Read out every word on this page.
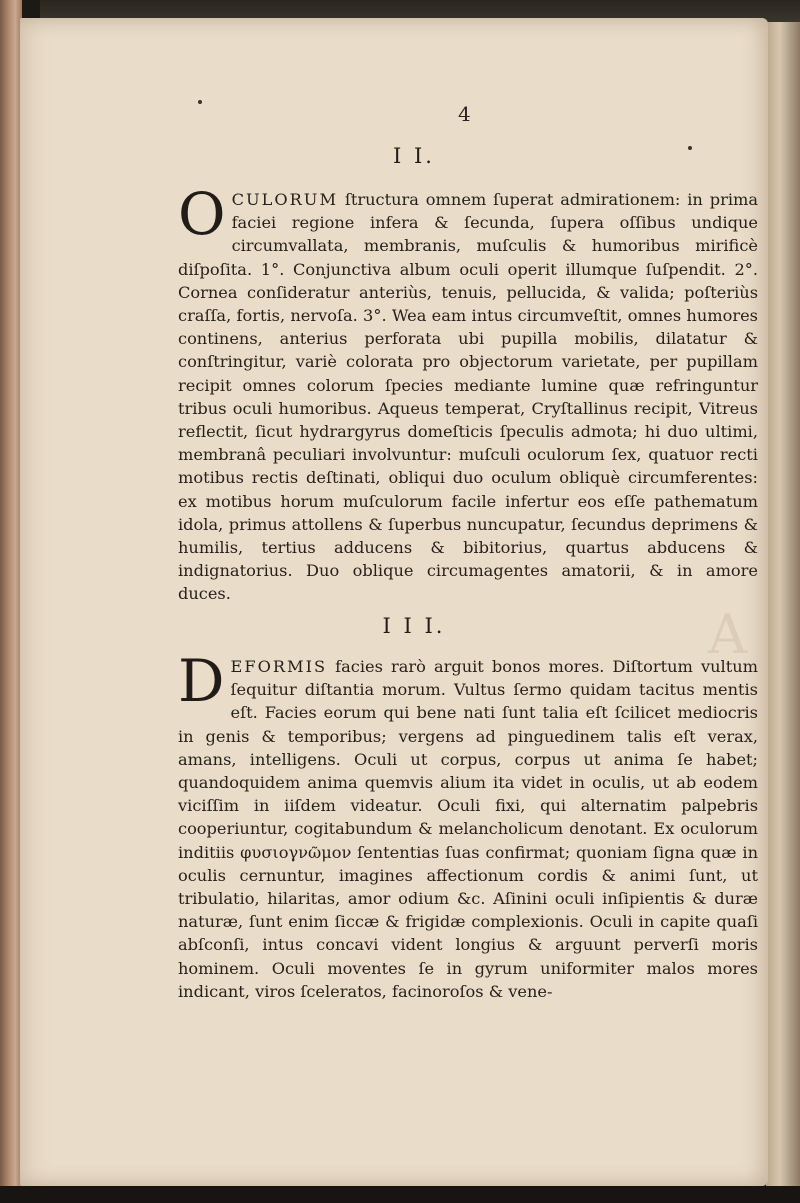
4
I I.

OCULORUM ſtructura omnem ſuperat admirationem: in prima faciei regione infera & ſecunda, ſupera oſſibus undique circumvallata, membranis, muſculis & humoribus mirificè diſpoſita. 1°. Conjunctiva album oculi operit illumque ſuſpendit. 2°. Cornea conſideratur anteriùs, tenuis, pellucida, & valida; poſteriùs craſſa, fortis, nervoſa. 3°. Wea eam intus circumveſtit, omnes humores continens, anterius perforata ubi pupilla mobilis, dilatatur & conſtringitur, variè colorata pro objectorum varietate, per pupillam recipit omnes colorum ſpecies mediante lumine quæ refringuntur tribus oculi humoribus. Aqueus temperat, Cryſtallinus recipit, Vitreus reflectit, ſicut hydrargyrus domeſticis ſpeculis admota; hi duo ultimi, membranâ peculiari involvuntur: muſculi oculorum ſex, quatuor recti motibus rectis deſtinati, obliqui duo oculum obliquè circumferentes: ex motibus horum muſculorum facile infertur eos eſſe pathematum idola, primus attollens & ſuperbus nuncupatur, ſecundus deprimens & humilis, tertius adducens & bibitorius, quartus abducens & indignatorius. Duo oblique circumagentes amatorii, & in amore duces.

A
I I I.

DEFORMIS facies rarò arguit bonos mores. Diſtortum vultum ſequitur diſtantia morum. Vultus ſermo quidam tacitus mentis eſt. Facies eorum qui bene nati ſunt talia eſt ſcilicet mediocris in genis & temporibus; vergens ad pinguedinem talis eſt verax, amans, intelligens. Oculi ut corpus, corpus ut anima ſe habet; quandoquidem anima quemvis alium ita videt in oculis, ut ab eodem viciſſim in iiſdem videatur. Oculi fixi, qui alternatim palpebris cooperiuntur, cogitabundum & melancholicum denotant. Ex oculorum inditiis φυσιογνῶμον ſententias ſuas confirmat; quoniam ſigna quæ in oculis cernuntur, imagines affectionum cordis & animi ſunt, ut tribulatio, hilaritas, amor odium &c. Aſinini oculi inſipientis & duræ naturæ, ſunt enim ſiccæ & frigidæ complexionis. Oculi in capite quaſi abſconſi, intus concavi vident longius & arguunt perverſi moris hominem. Oculi moventes ſe in gyrum uniformiter malos mores indicant, viros ſceleratos, facinoroſos & vene-
